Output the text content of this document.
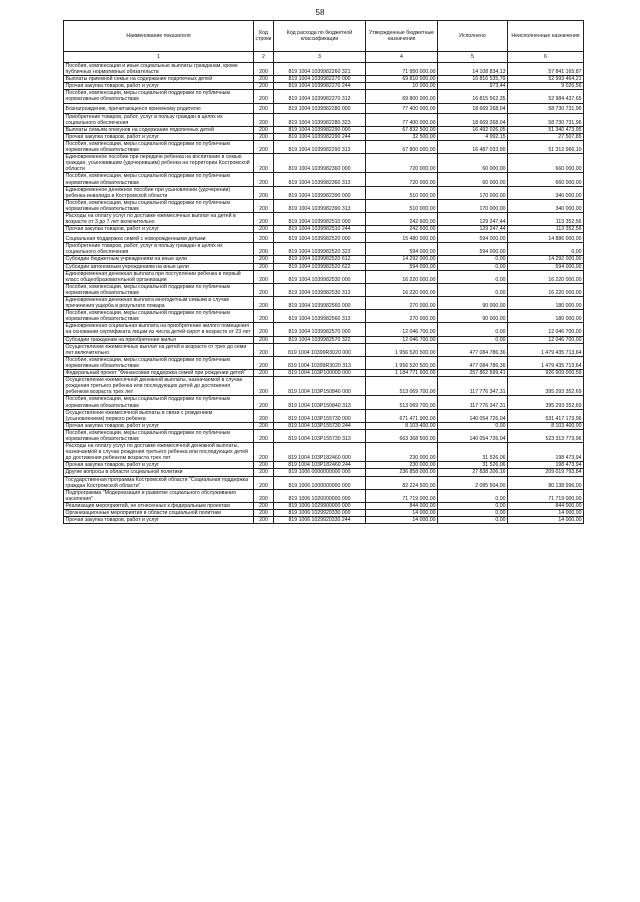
58
Наименование показателя	Код строки	Код расхода по бюджетной классификации	Утвержденные бюджетные назначения	Исполнено	Неисполненные назначения
1	2	3	4	5	6
Пособия, компенсации и иные социальные выплаты гражданам, кроме публичных нормативных обязательств	200	819 1004 1039982260 321	71 950 000,00	14 108 834,13	57 841 165,87
Выплаты приемной семье на содержание подопечных детей	200	819 1004 1039982270 000	69 810 000,00	16 816 535,79	52 993 464,21
Прочая закупка товаров, работ и услуг	200	819 1004 1039982270 244	10 000,00	973,44	9 026,56
Пособия, компенсации, меры социальной поддержки по публичным нормативным обязательствам	200	819 1004 1039982270 313	69 800 000,00	16 815 562,35	52 984 437,65
Вознаграждение, причитающееся приемному родителю	200	819 1004 1039982280 000	77 400 000,00	18 669 268,04	58 730 731,96
Приобретение товаров, работ, услуг в пользу граждан в целях их социального обеспечения	200	819 1004 1039982280 323	77 400 000,00	18 669 268,04	58 730 731,96
Выплаты семьям опекунов на содержание подопечных детей	200	819 1004 1039982290 000	67 832 500,00	16 492 026,05	51 340 473,95
Прочая закупка товаров, работ и услуг	200	819 1004 1039982290 244	32 500,00	4 992,15	27 507,85
Пособия, компенсации, меры социальной поддержки по публичным нормативным обязательствам	200	819 1004 1039982290 313	67 800 000,00	16 487 033,90	51 312 966,10
Единовременное пособие при передаче ребенка на воспитание в семью граждан, усыновившим (удочерившим) ребенка на территории Костромской области	200	819 1004 1039982360 000	720 000,00	60 000,00	660 000,00
Пособия, компенсации, меры социальной поддержки по публичным нормативным обязательствам	200	819 1004 1039982360 313	720 000,00	60 000,00	660 000,00
Единовременное денежное пособие при усыновлении (удочерении) ребенка-инвалида в Костромской области	200	819 1004 1039982390 000	510 000,00	170 000,00	340 000,00
Пособия, компенсации, меры социальной поддержки по публичным нормативным обязательствам	200	819 1004 1039982390 313	510 000,00	170 000,00	340 000,00
Расходы на оплату услуг по доставке ежемесячных выплат на детей в возрасте от 3 до 7 лет включительно	200	819 1004 1039982510 000	242 600,00	129 247,44	113 352,56
Прочая закупка товаров, работ и услуг	200	819 1004 1039982510 244	242 600,00	129 247,44	113 352,56
Социальная поддержка семей с новорожденными детьми	200	819 1004 1039982520 000	15 480 000,00	594 000,00	14 886 000,00
Приобретение товаров, работ, услуг в пользу граждан в целях их социального обеспечения	200	819 1004 1039982520 323	594 000,00	594 000,00	0,00
Субсидии бюджетным учреждениям на иные цели	200	819 1004 1039982520 612	14 292 000,00	0,00	14 292 000,00
Субсидии автономным учреждениям на иные цели	200	819 1004 1039982520 622	594 000,00	0,00	594 000,00
Единовременная денежная выплата при поступлении ребенка в первый класс общеобразовательной организации	200	819 1004 1039982530 000	16 220 000,00	0,00	16 220 000,00
Пособия, компенсации, меры социальной поддержки по публичным нормативным обязательствам	200	819 1004 1039982530 313	16 220 000,00	0,00	16 220 000,00
Единовременная денежная выплата многодетным семьям в случае причинения ущерба в результате пожара	200	819 1004 1039982560 000	270 000,00	90 000,00	180 000,00
Пособия, компенсации, меры социальной поддержки по публичным нормативным обязательствам	200	819 1004 1039982560 313	270 000,00	90 000,00	180 000,00
Единовременная социальная выплата на приобретение жилого помещения на основании сертификата лицам из числа детей-сирот в возрасте от 23 лет	200	819 1004 1039982570 000	12 046 700,00	0,00	12 046 700,00
Субсидии гражданам на приобретение жилья	200	819 1004 1039982570 322	12 046 700,00	0,00	12 046 700,00
Осуществление ежемесячных выплат на детей в возрасте от трех до семи лет включительно	200	819 1004 10399R3020 000	1 956 520 500,00	477 084 786,36	1 479 435 713,64
Пособия, компенсации, меры социальной поддержки по публичным нормативным обязательствам	200	819 1004 10399R3020 313	1 956 520 500,00	477 084 786,36	1 479 435 713,64
Федеральный проект "Финансовая поддержка семей при рождении детей"	200	819 1004 103P100000 000	1 184 771 600,00	257 862 599,41	926 909 000,59
Осуществление ежемесячной денежной выплаты, назначаемой в случае рождения третьего ребенка или последующих детей до достижения ребенком возраста трех лет	200	819 1004 103P150840 000	513 069 700,00	117 776 347,31	395 293 352,69
Пособия, компенсации, меры социальной поддержки по публичным нормативным обязательствам	200	819 1004 103P150840 313	513 069 700,00	117 776 347,31	395 293 352,69
Осуществление ежемесячной выплаты в связи с рождением (усыновлением) первого ребенка	200	819 1004 103P155730 000	671 471 900,00	140 054 726,04	531 417 173,96
Прочая закупка товаров, работ и услуг	200	819 1004 103P155730 244	8 103 400,00	0,00	8 103 400,00
Пособия, компенсации, меры социальной поддержки по публичным нормативным обязательствам	200	819 1004 103P155730 313	663 368 500,00	140 054 726,04	523 313 773,96
Расходы на оплату услуг по доставке ежемесячной денежной выплаты, назначаемой в случае рождения третьего ребенка или последующих детей до достижения ребенком возраста трех лет	200	819 1004 103P182460 000	230 000,00	31 526,06	198 473,94
Прочая закупка товаров, работ и услуг	200	819 1004 103P182460 244	230 000,00	31 526,06	198 473,94
Другие вопросы в области социальной политики	200	819 1006 0000000000 000	236 858 000,00	27 838 206,16	209 019 793,84
Государственная программа Костромской области "Социальная поддержка граждан Костромской области"	200	819 1006 1000000000 000	82 224 500,00	2 085 504,00	80 138 996,00
Подпрограмма "Модернизация и развитие социального обслуживания населения"	200	819 1006 1020000000 000	71 719 000,00	0,00	71 719 000,00
Реализация мероприятий, не отнесенных к федеральным проектам	200	819 1006 1029900000 000	844 000,00	0,00	844 000,00
Организационные мероприятия в области социальной политики	200	819 1006 1029920330 000	14 000,00	0,00	14 000,00
Прочая закупка товаров, работ и услуг	200	819 1006 1029920330 244	14 000,00	0,00	14 000,00
